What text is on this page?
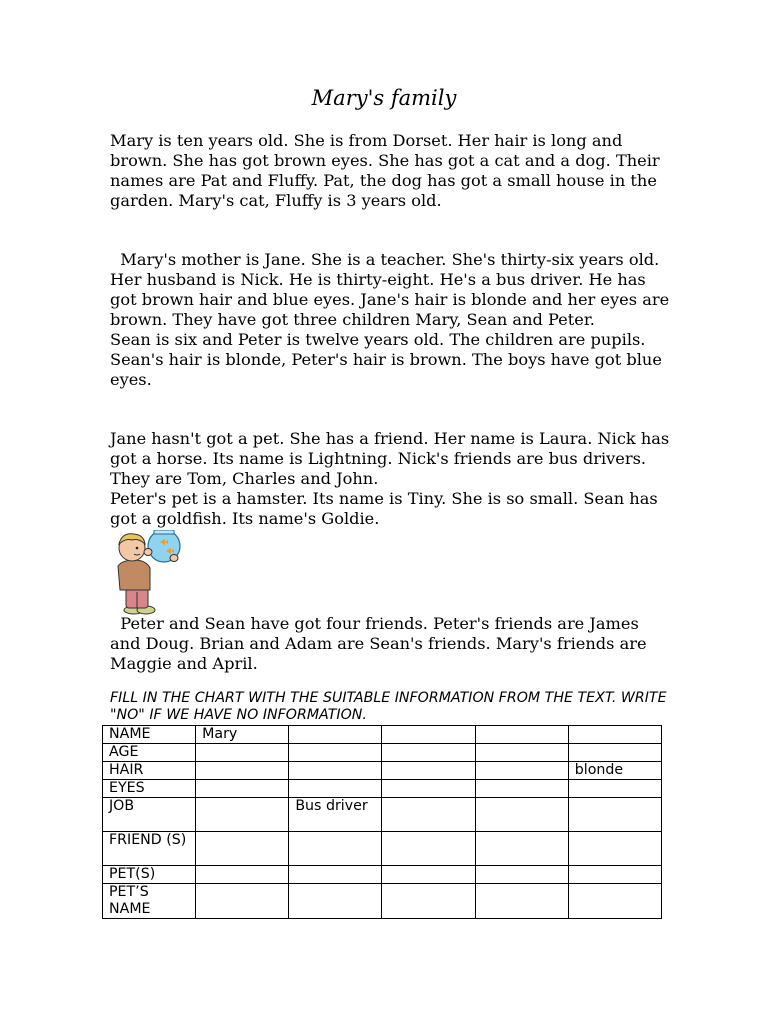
Mary's family

Mary is ten years old. She is from Dorset. Her hair is long and brown. She has got brown eyes. She has got a cat and a dog. Their names are Pat and Fluffy. Pat, the dog has got a small house in the garden. Mary's cat, Fluffy is 3 years old.

Mary's mother is Jane. She is a teacher. She's thirty-six years old. Her husband is Nick. He is thirty-eight. He's a bus driver. He has got brown hair and blue eyes. Jane's hair is blonde and her eyes are brown. They have got three children Mary, Sean and Peter.

Sean is six and Peter is twelve years old. The children are pupils. Sean's hair is blonde, Peter's hair is brown. The boys have got blue eyes.

Jane hasn't got a pet. She has a friend. Her name is Laura. Nick has got a horse. Its name is Lightning. Nick's friends are bus drivers. They are Tom, Charles and John.

Peter's pet is a hamster. Its name is Tiny. She is so small. Sean has got a goldfish. Its name's Goldie.

Peter and Sean have got four friends. Peter's friends are James and Doug. Brian and Adam are Sean's friends. Mary's friends are Maggie and April.

FILL IN THE CHART WITH THE SUITABLE INFORMATION FROM THE TEXT. WRITE "NO" IF WE HAVE NO INFORMATION.
NAME	Mary				
AGE					
HAIR					blonde
EYES					
JOB		Bus driver			
FRIEND (S)					
PET(S)					
PET’S NAME					
